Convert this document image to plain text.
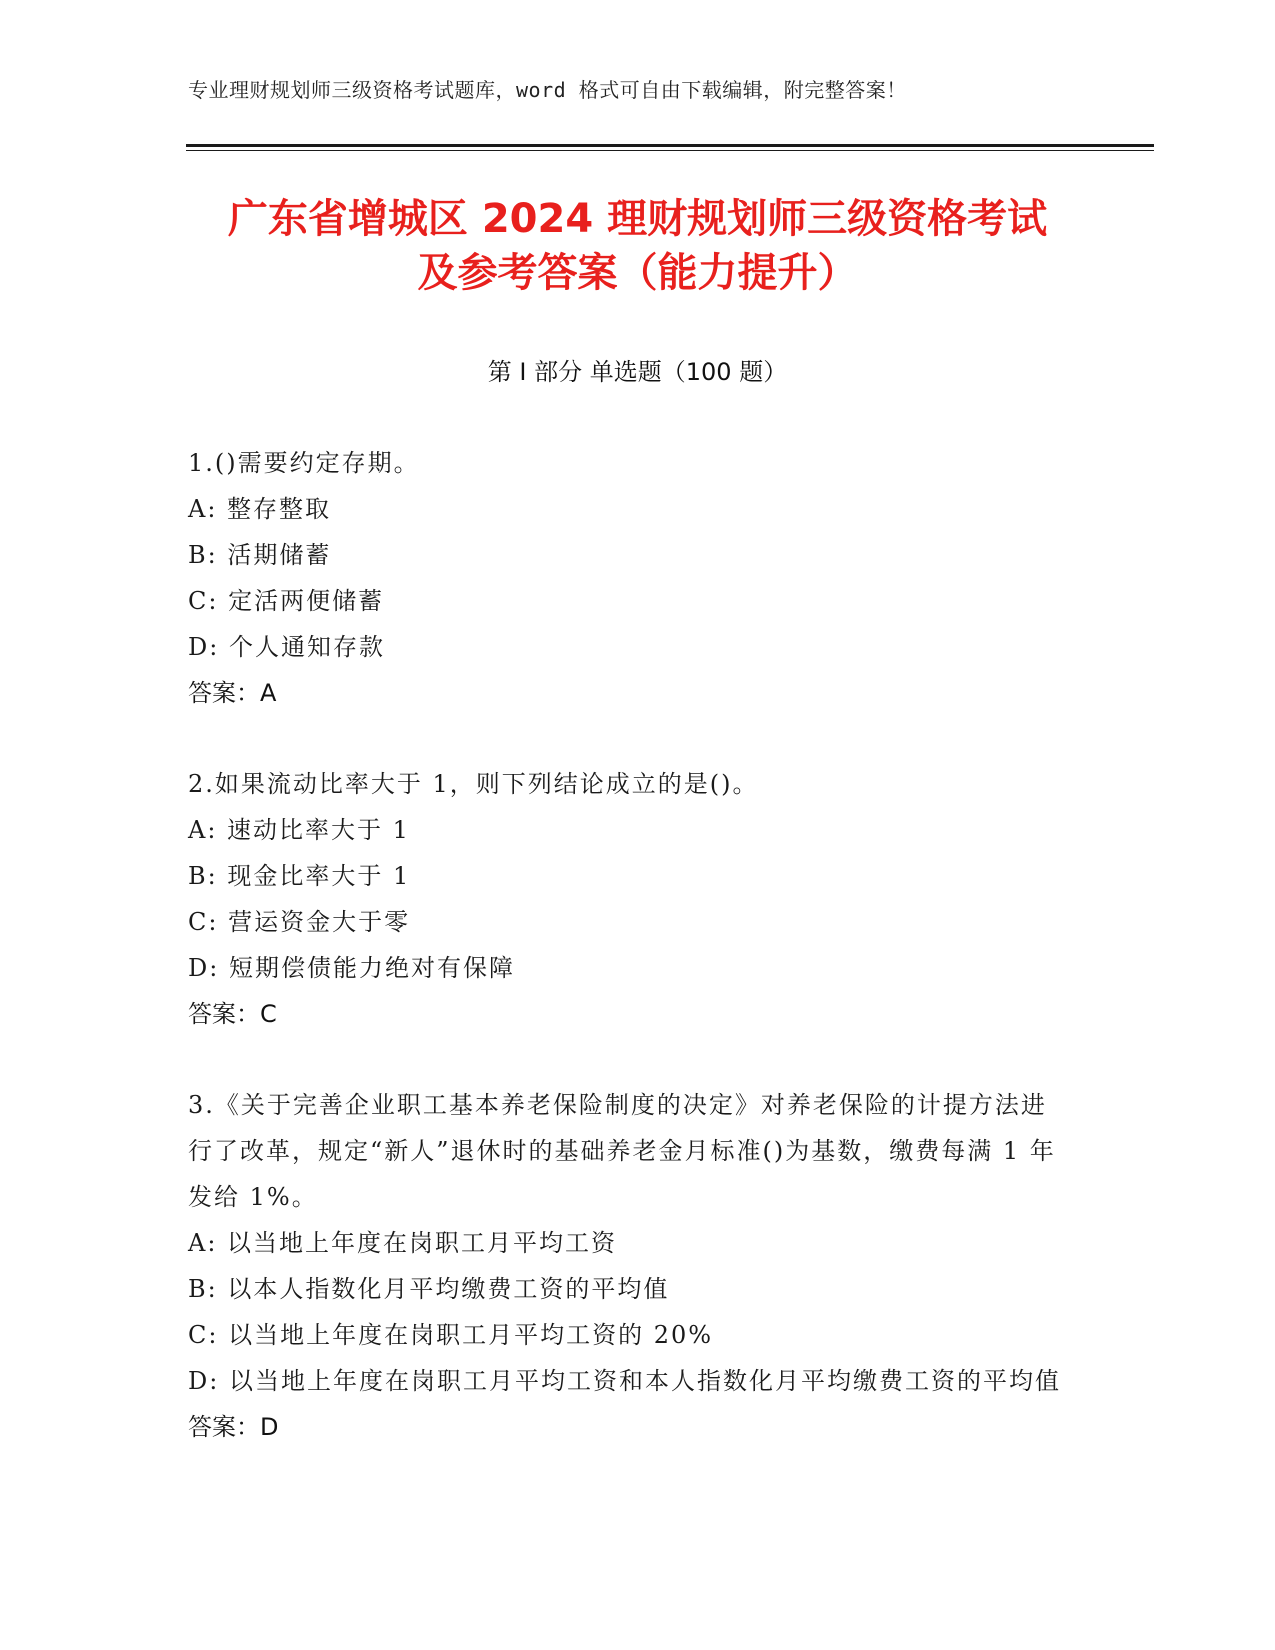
专业理财规划师三级资格考试题库，word 格式可自由下载编辑，附完整答案！
广东省增城区 2024 理财规划师三级资格考试
及参考答案（能力提升）
第 I 部分 单选题（100 题）
1.()需要约定存期。
A: 整存整取
B: 活期储蓄
C: 定活两便储蓄
D: 个人通知存款
答案：A
2.如果流动比率大于 1，则下列结论成立的是()。
A: 速动比率大于 1
B: 现金比率大于 1
C: 营运资金大于零
D: 短期偿债能力绝对有保障
答案：C
3.《关于完善企业职工基本养老保险制度的决定》对养老保险的计提方法进行了改革，规定“新人”退休时的基础养老金月标准()为基数，缴费每满 1 年发给 1%。
A: 以当地上年度在岗职工月平均工资
B: 以本人指数化月平均缴费工资的平均值
C: 以当地上年度在岗职工月平均工资的 20%
D: 以当地上年度在岗职工月平均工资和本人指数化月平均缴费工资的平均值
答案：D
